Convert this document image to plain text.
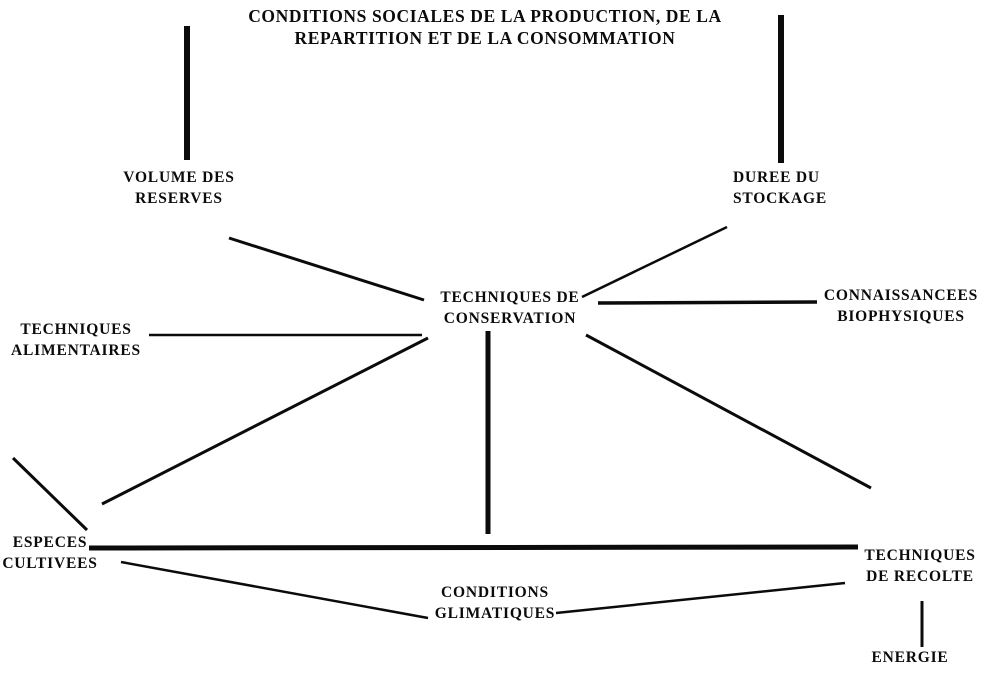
CONDITIONS SOCIALES DE LA PRODUCTION, DE LA
REPARTITION ET DE LA CONSOMMATION
VOLUME DES
RESERVES
DUREE DU
STOCKAGE
TECHNIQUES DE
CONSERVATION
CONNAISSANCEES
BIOPHYSIQUES
TECHNIQUES
ALIMENTAIRES
ESPECES
CULTIVEES
CONDITIONS
GLIMATIQUES
TECHNIQUES
DE RECOLTE
ENERGIE
